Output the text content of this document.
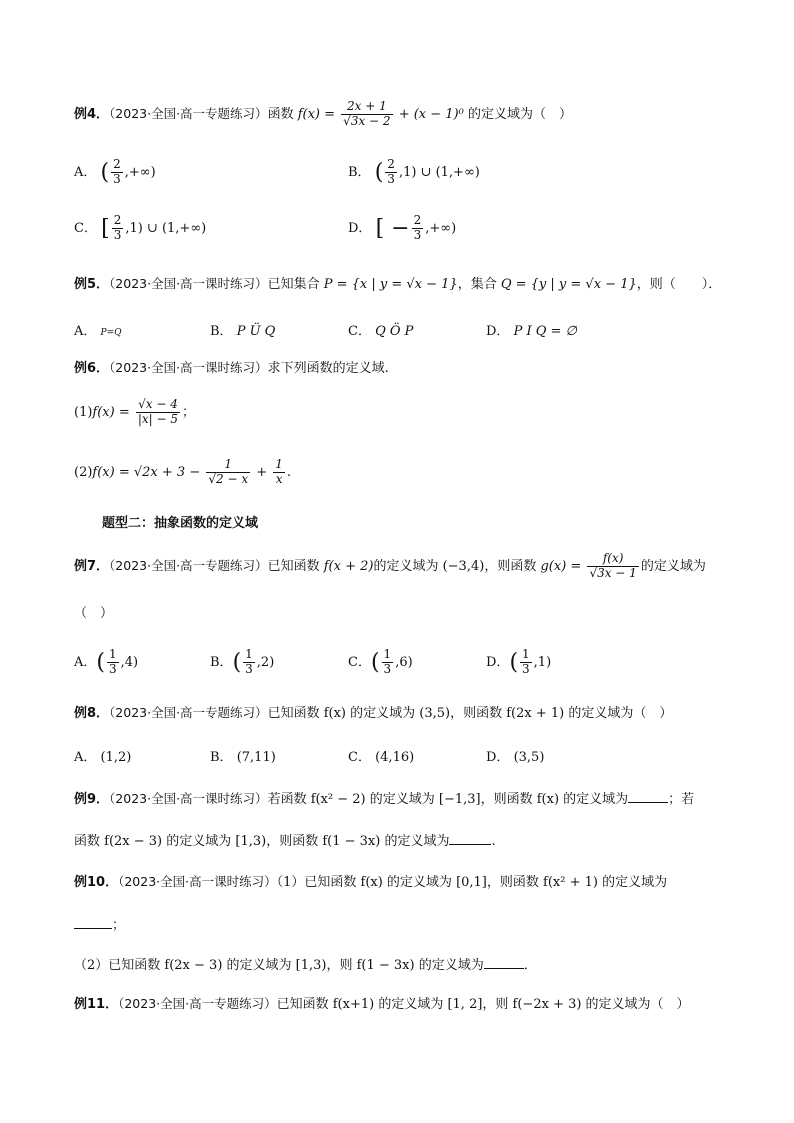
例4．（2023·全国·高一专题练习）函数 $f(x) = \frac{2x + 1}{√3x - 2} + (x - 1)^0$ 的定义域为（　）
A． ( $\frac{2}{3}$ ,+∞)	B． ( $\frac{2}{3} ,1$) ∪ (1,+∞)
C． [ $\frac{2}{3} ,1$) ∪ (1,+∞)	D． [ − $\frac{2}{3}$ ,+∞)
例5．（2023·全国·高一课时练习）已知集合 P = {x | y = √x − 1}，集合 Q = {y | y = √x − 1}，则（　　）．
A． P=Q	B． P Ü Q	C． Q Ö P	D． P I Q = ∅
例6．（2023·全国·高一课时练习）求下列函数的定义域.
$(1)f(x) = \frac{√x - 4}{|x| - 5}$ ；
$(2)f(x) = √2x + 3 - \frac{1}{√2 - x} + \frac{1}{x}$ .
题型二：抽象函数的定义域
例7．（2023·全国·高一专题练习）已知函数 f(x + 2)的定义域为 (−3,4)，则函数 $g(x) = \frac{f(x)}{√3x - 1}$ 的定义域为
（　）
A．( $\frac{1}{3} ,4$)	B．( $\frac{1}{3} ,2$)	C．( $\frac{1}{3} ,6$)	D．( $\frac{1}{3} ,1$)
例8．（2023·全国·高一专题练习）已知函数 f(x) 的定义域为 (3,5)，则函数 f(2x + 1) 的定义域为（　）
A． (1,2)	B． (7,11)	C． (4,16)	D． (3,5)
例9．（2023·全国·高一课时练习）若函数 f(x² − 2) 的定义域为 [−1,3]，则函数 f(x) 的定义域为	；若
函数 f(2x − 3) 的定义域为 [1,3)，则函数 f(1 − 3x) 的定义域为	.
例10．（2023·全国·高一课时练习）（1）已知函数 f(x) 的定义域为 [0,1]，则函数 f(x² + 1) 的定义域为
；
（2）已知函数 f(2x − 3) 的定义域为 [1,3)，则 f(1 − 3x) 的定义域为	．
例11．（2023·全国·高一专题练习）已知函数 f(x+1) 的定义域为 [1, 2]，则 f(−2x + 3) 的定义域为（　）
